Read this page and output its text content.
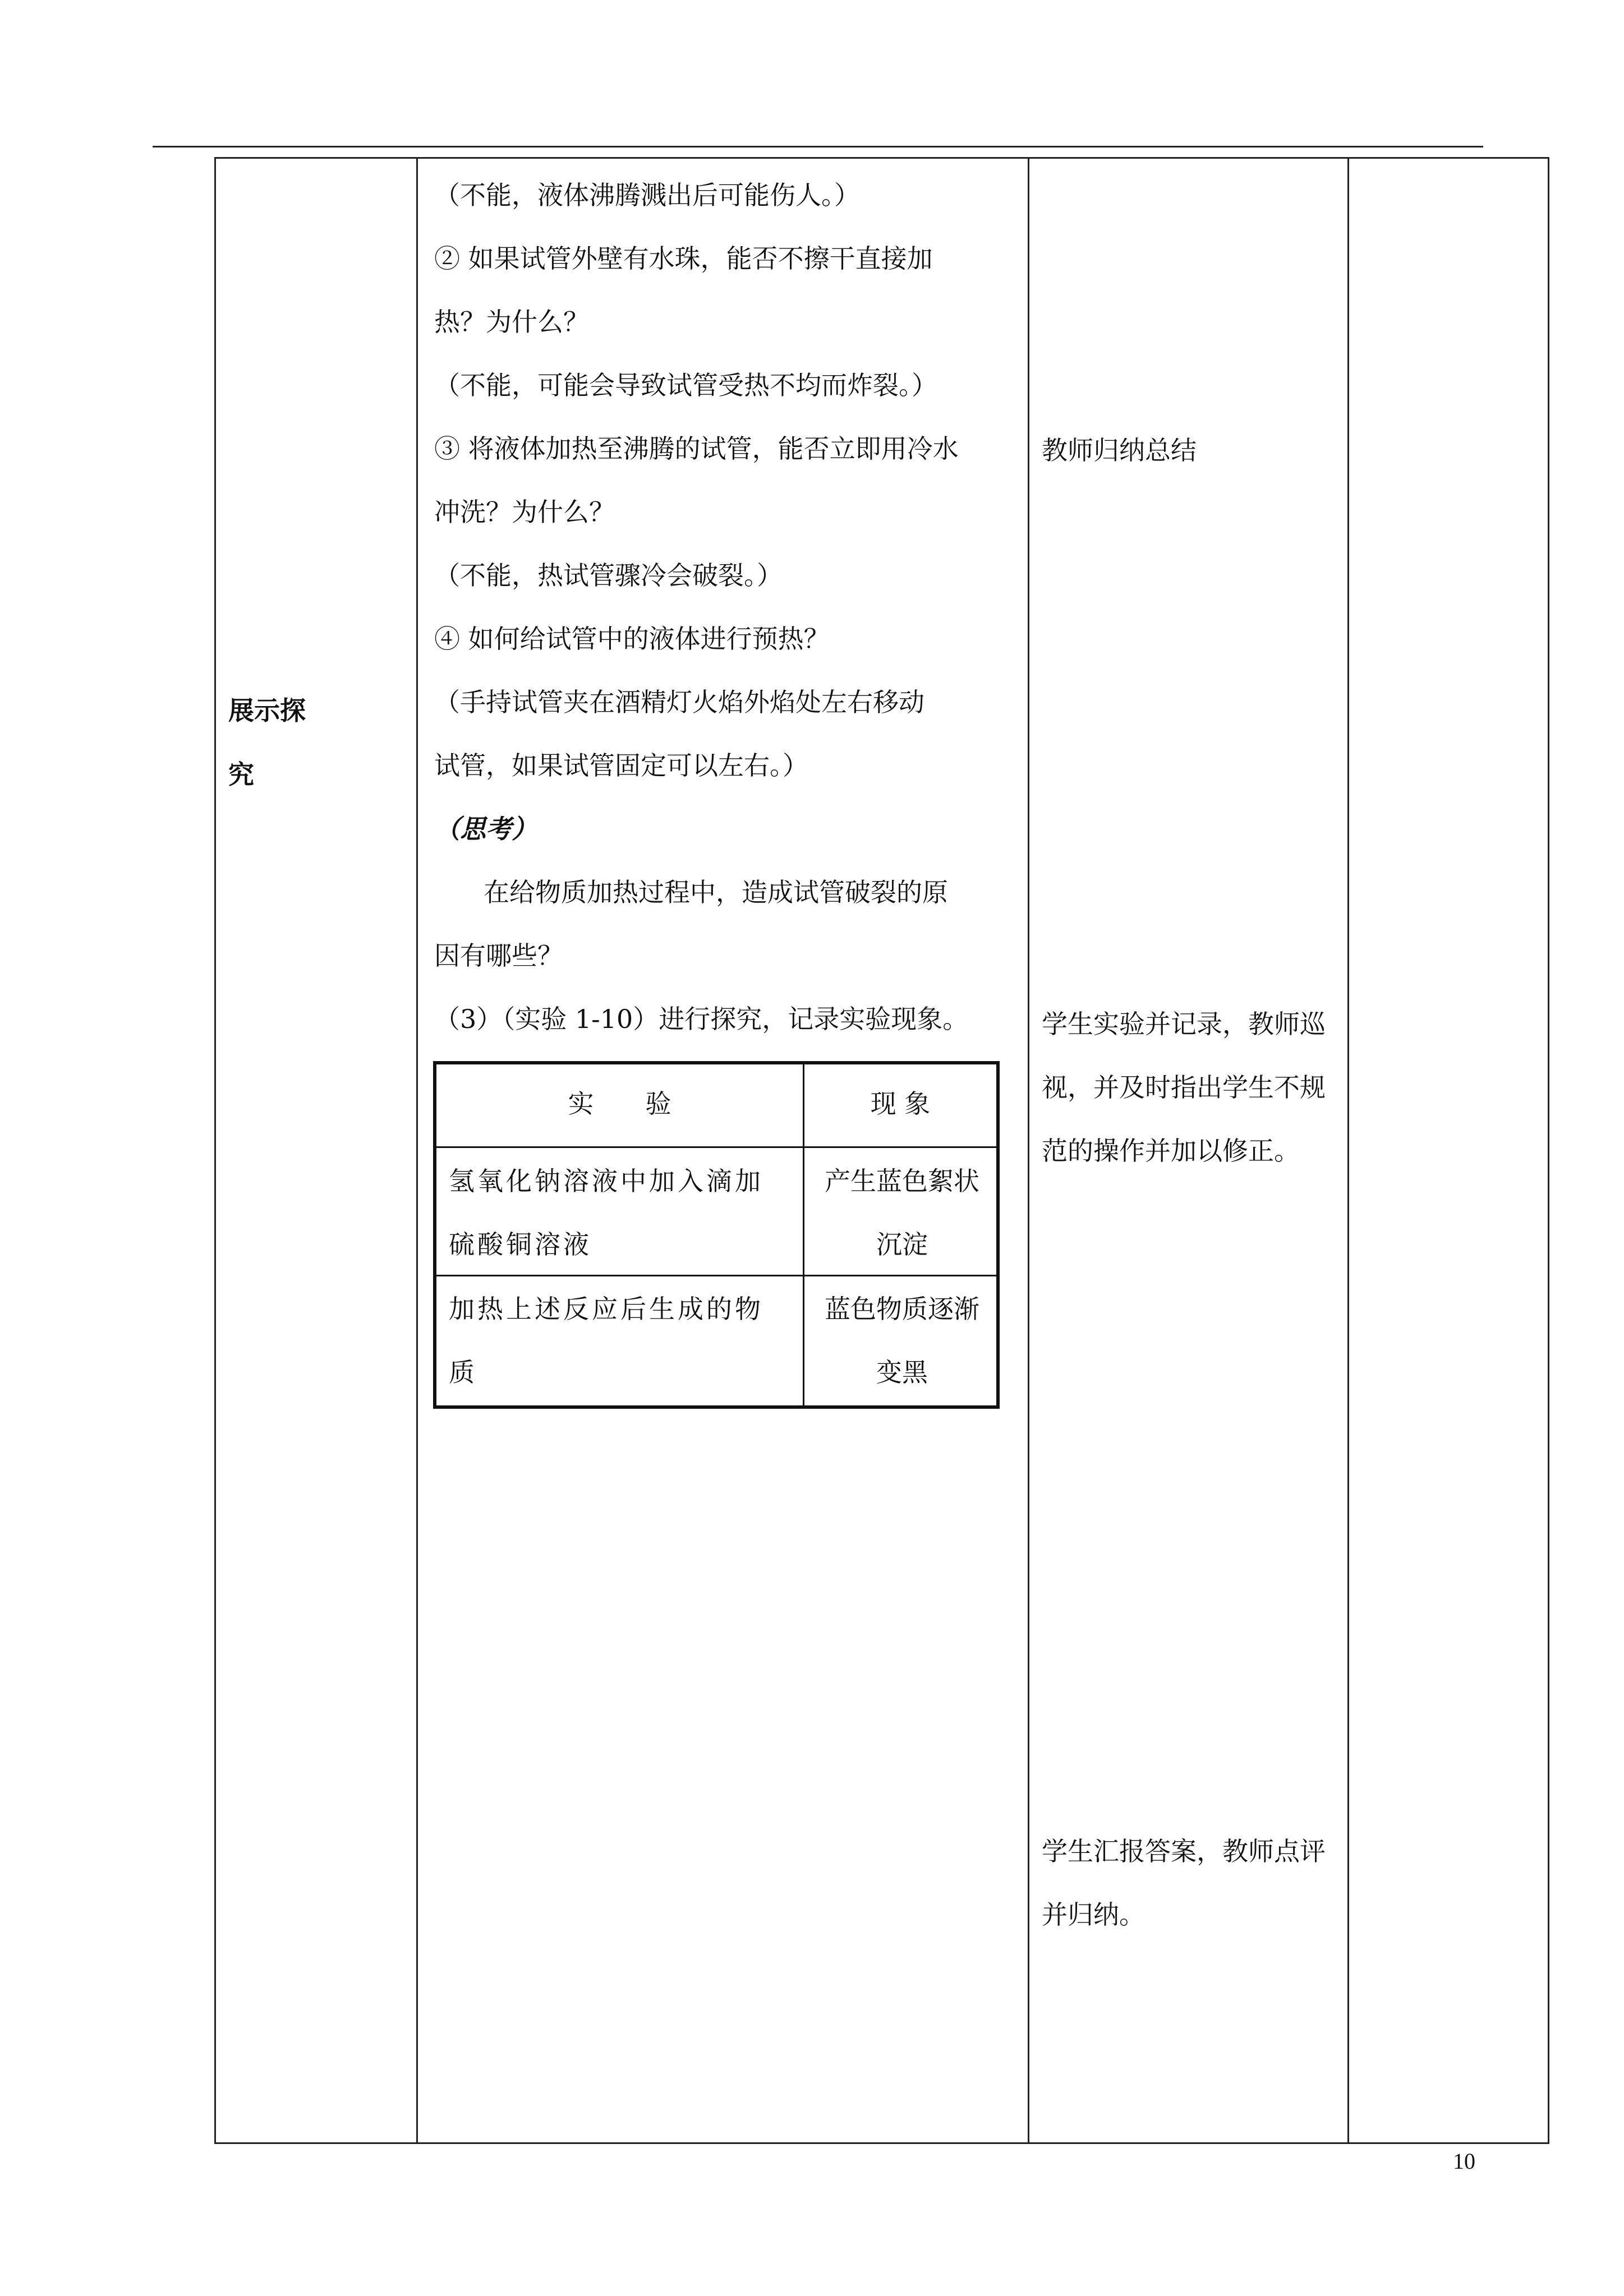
展示探究
（不能，液体沸腾溅出后可能伤人。）
② 如果试管外壁有水珠，能否不擦干直接加
热？为什么？
（不能，可能会导致试管受热不均而炸裂。）
③ 将液体加热至沸腾的试管，能否立即用冷水
冲洗？为什么？
（不能，热试管骤冷会破裂。）
④ 如何给试管中的液体进行预热？
（手持试管夹在酒精灯火焰外焰处左右移动
试管，如果试管固定可以左右。）
（思考）
在给物质加热过程中，造成试管破裂的原
因有哪些？
（3）（实验 1-10）进行探究，记录实验现象。
实　　验	现 象
氢氧化钠溶液中加入滴加硫酸铜溶液
产生蓝色絮状沉淀
加热上述反应后生成的物质
蓝色物质逐渐变黑
教师归纳总结
学生实验并记录，教师巡视，并及时指出学生不规范的操作并加以修正。
学生汇报答案，教师点评并归纳。
10
